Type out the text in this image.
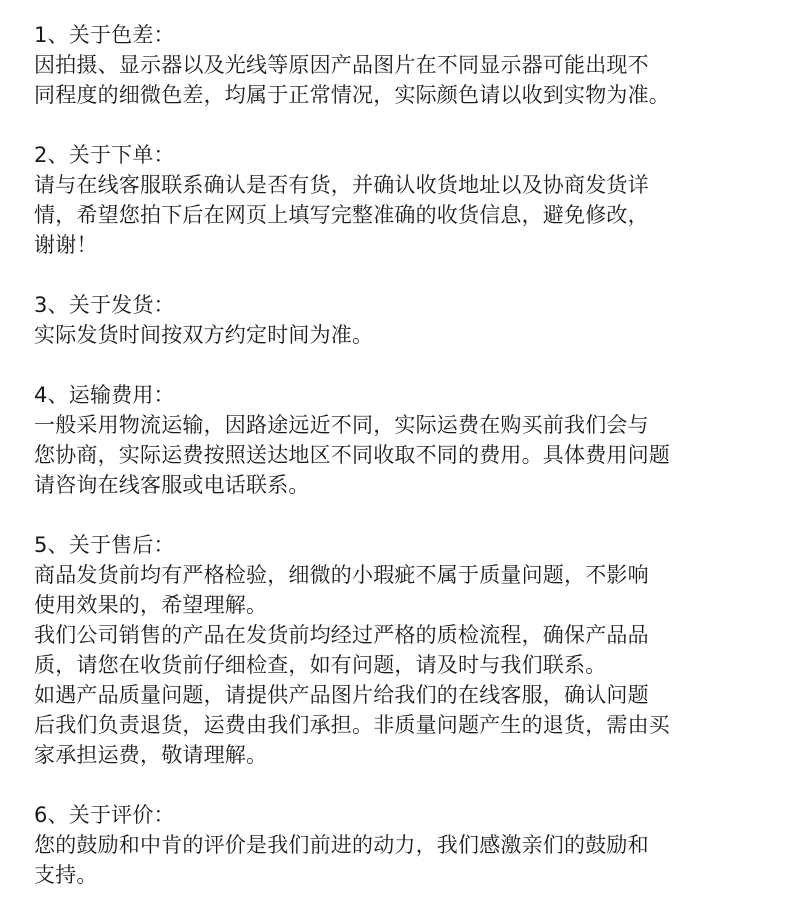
1、关于色差：
因拍摄、显示器以及光线等原因产品图片在不同显示器可能出现不
同程度的细微色差，均属于正常情况，实际颜色请以收到实物为准。
2、关于下单：
请与在线客服联系确认是否有货，并确认收货地址以及协商发货详
情，希望您拍下后在网页上填写完整准确的收货信息，避免修改，
谢谢！
3、关于发货：
实际发货时间按双方约定时间为准。
4、运输费用：
一般采用物流运输，因路途远近不同，实际运费在购买前我们会与
您协商，实际运费按照送达地区不同收取不同的费用。具体费用问题
请咨询在线客服或电话联系。
5、关于售后：
商品发货前均有严格检验，细微的小瑕疵不属于质量问题，不影响
使用效果的，希望理解。
我们公司销售的产品在发货前均经过严格的质检流程，确保产品品
质，请您在收货前仔细检查，如有问题，请及时与我们联系。
如遇产品质量问题，请提供产品图片给我们的在线客服，确认问题
后我们负责退货，运费由我们承担。非质量问题产生的退货，需由买
家承担运费，敬请理解。
6、关于评价：
您的鼓励和中肯的评价是我们前进的动力，我们感激亲们的鼓励和
支持。
